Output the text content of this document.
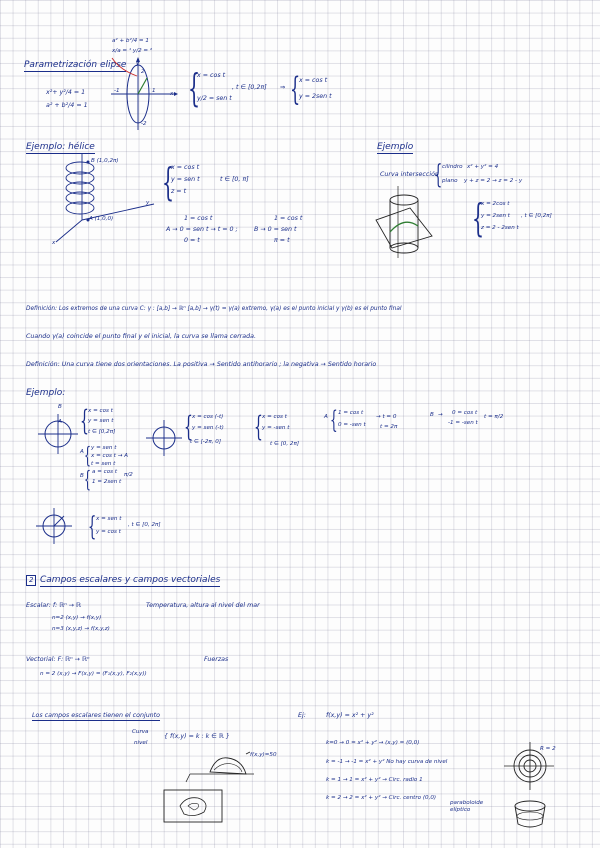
Parametrización elipse
x²+ y²/4 = 1
a² + b²/4 = 1
a² + b²/4 = 1
x/a = ¹ y/2 = ²
y
x
-1	1
2
-2
{
x = cos t
y/2 = sen t
, t ∈ [0,2π] ⇒ {
x = cos t
y = 2sen t
Ejemplo: hélice
B (1,0,2π)
A (1,0,0)
y
x
{
x = cos t
y = sen t	t ∈ [0, π]
z = t
1 = cos t
A → 0 = sen t → t = 0 ;
0 = t
1 = cos t
B → 0 = sen t
π = t
Ejemplo
Curva intersección
{ cilindro x² + y² = 4
plano y + z = 2 → z = 2 - y
{
x = 2cos t
y = 2sen t , t ∈ [0,2π]
z = 2 - 2sen t
Definición: Los extremos de una curva C: γ : [a,b] → ℝⁿ [a,b] → γ(t) = γ(a) extremo, γ(a) es el punto inicial y γ(b) es el punto final
Cuando γ(a) coincide el punto final y el inicial, la curva se llama cerrada.
Definición: Una curva tiene dos orientaciones. La positiva → Sentido antihorario ; la negativa → Sentido horario
Ejemplo:
B
A { x = cos t
y = sen t
t ∈ [0,2π]
{
A
y = sen t
x = cos t → A
t = sen t
{
B
a = cos t
1 = 2sen t
π/2
{ x = cos (-t)
y = sen (-t)
t ∈ [-2π, 0] { x = cos t
y = -sen t
t ∈ [0, 2π]
A { 1 = cos t
0 = -sen t
→ t = 0
t = 2π
B → 0 = cos t
-1 = -sen t
t = π/2
{ x = sen t
y = cos t
, t ∈ [0, 2π]
2 Campos escalares y campos vectoriales
Escalar: f: ℝⁿ → ℝ
n=2 (x,y) → f(x,y)
n=3 (x,y,z) → f(x,y,z)
Temperatura, altura al nivel del mar
Vectorial: F: ℝⁿ → ℝⁿ
n = 2 (x,y) → F(x,y) = (F₁(x,y), F₂(x,y))
Fuerzas
Los campos escalares tienen el conjunto
Curva
nivel
{ f(x,y) = k : k ∈ ℝ }
f(x,y)=50
Ej:	f(x,y) = x² + y²
k=0 → 0 = x² + y² → (x,y) = (0,0)
k = -1 → -1 = x² + y² No hay curva de nivel
k = 1 → 1 = x² + y² → Circ. radio 1
k = 2 → 2 = x² + y² → Circ. centro (0,0)
R = 2
paraboloide elíptico
